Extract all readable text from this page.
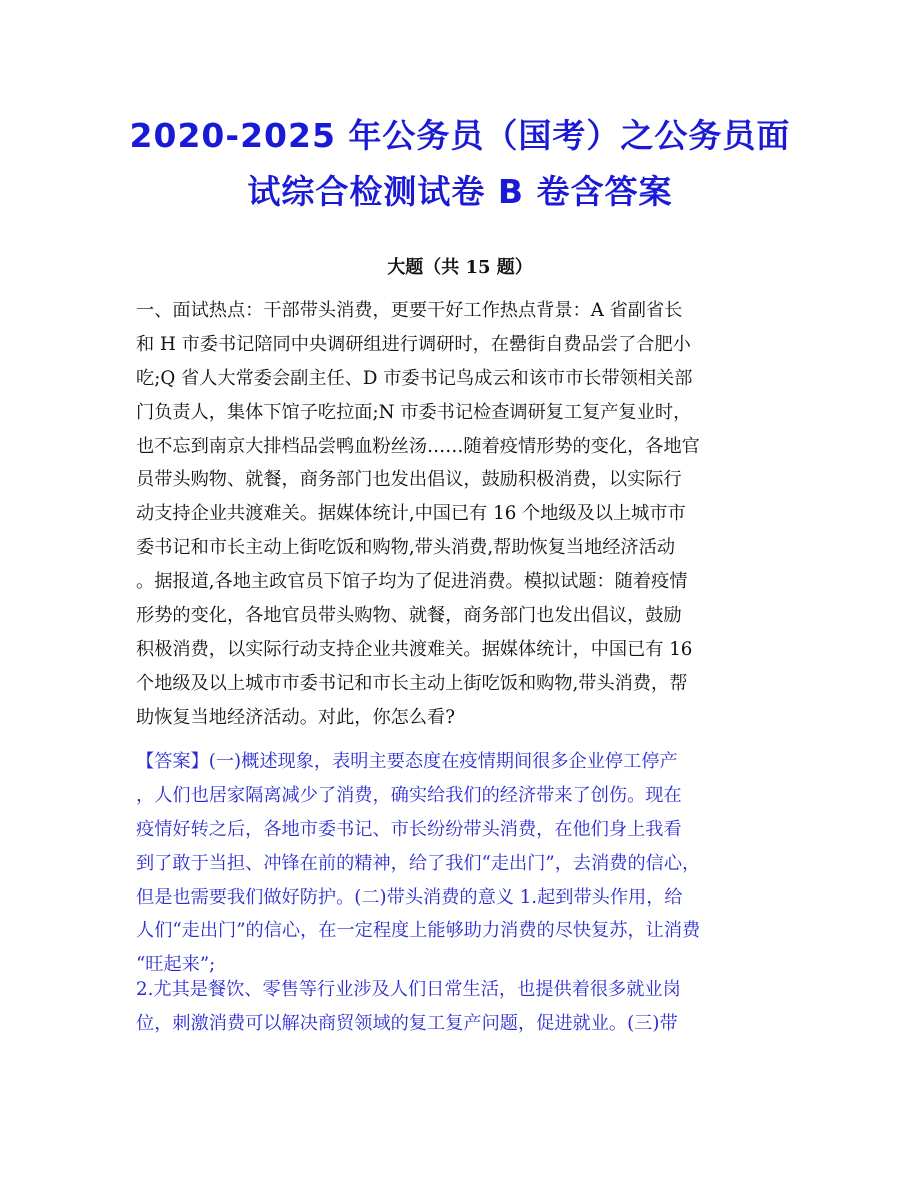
2020-2025 年公务员（国考）之公务员面
试综合检测试卷 B 卷含答案
大题（共 15 题）
一、面试热点：干部带头消费，更要干好工作热点背景：A 省副省长
和 H 市委书记陪同中央调研组进行调研时，在罍街自费品尝了合肥小
吃;Q 省人大常委会副主任、D 市委书记鸟成云和该市市长带领相关部
门负责人，集体下馆子吃拉面;N 市委书记检查调研复工复产复业时，
也不忘到南京大排档品尝鸭血粉丝汤……随着疫情形势的变化，各地官
员带头购物、就餐，商务部门也发出倡议，鼓励积极消费，以实际行
动支持企业共渡难关。据媒体统计,中国已有 16 个地级及以上城市市
委书记和市长主动上街吃饭和购物,带头消费,帮助恢复当地经济活动
。据报道,各地主政官员下馆子均为了促进消费。模拟试题：随着疫情
形势的变化，各地官员带头购物、就餐，商务部门也发出倡议，鼓励
积极消费，以实际行动支持企业共渡难关。据媒体统计，中国已有 16
个地级及以上城市市委书记和市长主动上街吃饭和购物,带头消费，帮
助恢复当地经济活动。对此，你怎么看?
【答案】(一)概述现象，表明主要态度在疫情期间很多企业停工停产
，人们也居家隔离减少了消费，确实给我们的经济带来了创伤。现在
疫情好转之后，各地市委书记、市长纷纷带头消费，在他们身上我看
到了敢于当担、冲锋在前的精神，给了我们“走出门”，去消费的信心，
但是也需要我们做好防护。(二)带头消费的意义 1.起到带头作用，给
人们“走出门”的信心，在一定程度上能够助力消费的尽快复苏，让消费
“旺起来”;
2.尤其是餐饮、零售等行业涉及人们日常生活，也提供着很多就业岗
位，刺激消费可以解决商贸领域的复工复产问题，促进就业。(三)带
